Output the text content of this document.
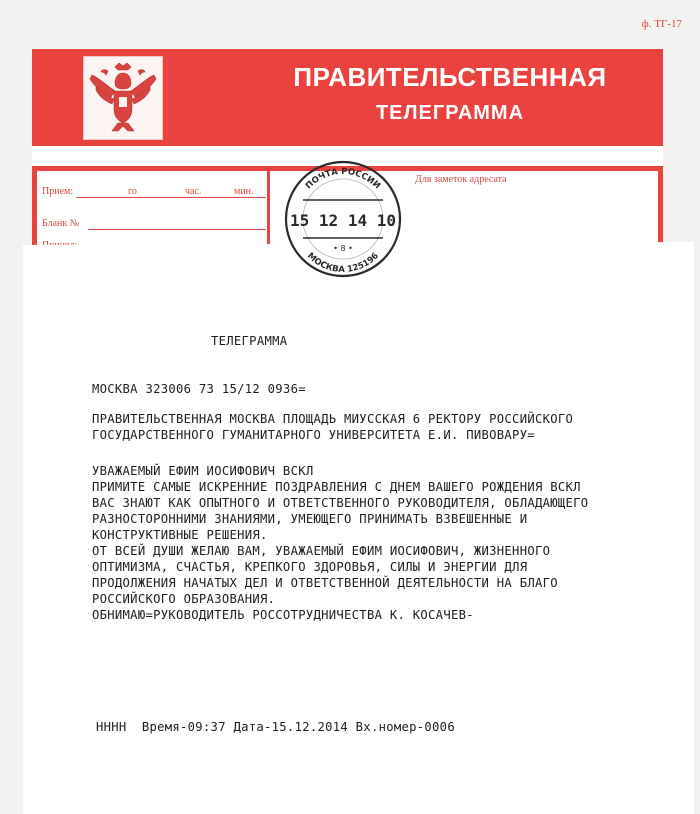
ф. ТГ-17
ПРАВИТЕЛЬСТВЕННАЯ
ТЕЛЕГРАММА
Прием:	го	час.	мин.
Бланк №
Для заметок адресата
ПОЧТА РОССИИ
15 12 14 10
• 8 •
МОСКВА 125196
ТЕЛЕГРАММА
МОСКВА 323006 73 15/12 0936=
ПРАВИТЕЛЬСТВЕННАЯ МОСКВА ПЛОЩАДЬ МИУССКАЯ 6 РЕКТОРУ РОССИЙСКОГО
ГОСУДАРСТВЕННОГО ГУМАНИТАРНОГО УНИВЕРСИТЕТА Е.И. ПИВОВАРУ=
УВАЖАЕМЫЙ ЕФИМ ИОСИФОВИЧ ВСКЛ
ПРИМИТЕ САМЫЕ ИСКРЕННИЕ ПОЗДРАВЛЕНИЯ С ДНЕМ ВАШЕГО РОЖДЕНИЯ ВСКЛ
ВАС ЗНАЮТ КАК ОПЫТНОГО И ОТВЕТСТВЕННОГО РУКОВОДИТЕЛЯ, ОБЛАДАЮЩЕГО
РАЗНОСТОРОННИМИ ЗНАНИЯМИ, УМЕЮЩЕГО ПРИНИМАТЬ ВЗВЕШЕННЫЕ И
КОНСТРУКТИВНЫЕ РЕШЕНИЯ.
ОТ ВСЕЙ ДУШИ ЖЕЛАЮ ВАМ, УВАЖАЕМЫЙ ЕФИМ ИОСИФОВИЧ, ЖИЗНЕННОГО
ОПТИМИЗМА, СЧАСТЬЯ, КРЕПКОГО ЗДОРОВЬЯ, СИЛЫ И ЭНЕРГИИ ДЛЯ
ПРОДОЛЖЕНИЯ НАЧАТЫХ ДЕЛ И ОТВЕТСТВЕННОЙ ДЕЯТЕЛЬНОСТИ НА БЛАГО
РОССИЙСКОГО ОБРАЗОВАНИЯ.
ОБНИМАЮ=РУКОВОДИТЕЛЬ РОССОТРУДНИЧЕСТВА К. КОСАЧЕВ-
НННН  Время-09:37 Дата-15.12.2014 Вх.номер-0006
